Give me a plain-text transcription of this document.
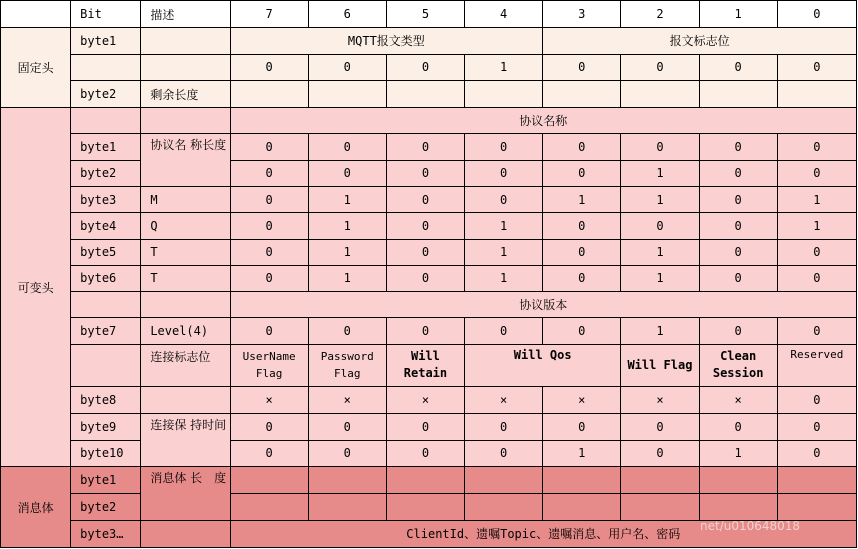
	Bit	描述	7	6	5	4	3	2	1	0
固定头	byte1		MQTT报文类型				报文标志位			
			0	0	0	1	0	0	0	0
	byte2	剩余长度								
可变头			协议名称							
	byte1	协议名 称长度	0	0	0	0	0	0	0	0
	byte2		0	0	0	0	0	1	0	0
	byte3	M	0	1	0	0	1	1	0	1
	byte4	Q	0	1	0	1	0	0	0	1
	byte5	T	0	1	0	1	0	1	0	0
	byte6	T	0	1	0	1	0	1	0	0
			协议版本							
	byte7	Level(4)	0	0	0	0	0	1	0	0
		连接标志位	UserName Flag	Password Flag	Will Retain	Will Qos		Will Flag	Clean Session	Reserved
	byte8		×	×	×	×	×	×	×	0
	byte9	连接保 持时间	0	0	0	0	0	0	0	0
	byte10		0	0	0	0	1	0	1	0
消息体	byte1	消息体 长　度								
	byte2									
	byte3…		ClientId、遗嘱Topic、遗嘱消息、用户名、密码							
net/u010648018
